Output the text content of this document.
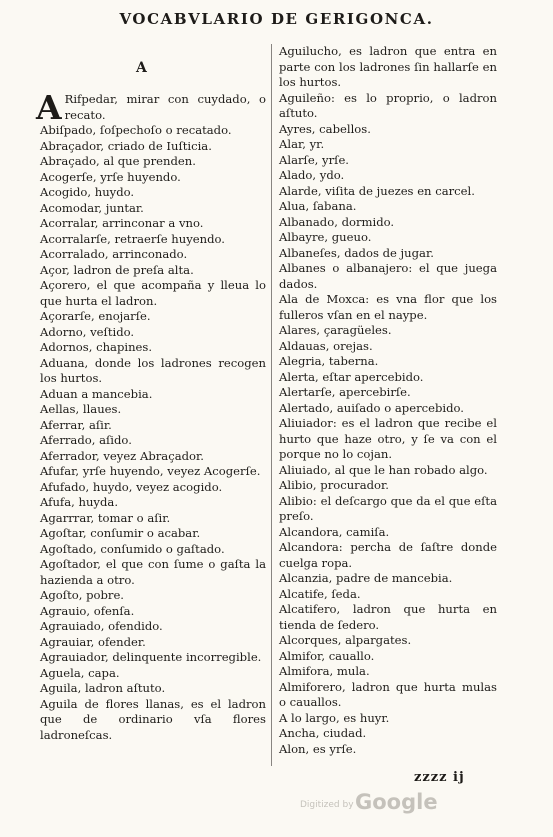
VOCABVLARIO DE GERIGONCA.
A
ARifpedar, mirar con cuydado, o recato.
Abiſpado, ſoſpechoſo o recatado.
Abraçador, criado de Iuſticia.
Abraçado, al que prenden.
Acogerſe, yrſe huyendo.
Acogido, huydo.
Acomodar, juntar.
Acorralar, arrinconar a vno.
Acorralarſe, retraerſe huyendo.
Acorralado, arrinconado.
Açor, ladron de preſa alta.
Açorero, el que acompaña y lleua lo que hurta el ladron.
Açorarſe, enojarſe.
Adorno, veſtido.
Adornos, chapines.
Aduana, donde los ladrones recogen los hurtos.
Aduan a mancebia.
Aellas, llaues.
Aferrar, aſir.
Aferrado, aſido.
Aferrador, veyez Abraçador.
Afufar, yrſe huyendo, veyez Acogerſe.
Afufado, huydo, veyez acogido.
Afufa, huyda.
Agarrrar, tomar o aſir.
Agoſtar, conſumir o acabar.
Agoſtado, conſumido o gaſtado.
Agoſtador, el que con ſume o gaſta la hazienda a otro.
Agoſto, pobre.
Agrauio, ofenſa.
Agrauiado, ofendido.
Agrauiar, ofender.
Agrauiador, delinquente incorregible.
Aguela, capa.
Aguila, ladron aſtuto.
Aguila de flores llanas, es el ladron que de ordinario vſa flores ladroneſcas.
Aguilucho, es ladron que entra en parte con los ladrones ſin hallarſe en los hurtos.
Aguileño: es lo proprio, o ladron aſtuto.
Ayres, cabellos.
Alar, yr.
Alarſe, yrſe.
Alado, ydo.
Alarde, viſita de juezes en carcel.
Alua, ſabana.
Albanado, dormido.
Albayre, gueuo.
Albaneſes, dados de jugar.
Albanes o albanajero: el que juega dados.
Ala de Moxca: es vna flor que los fulleros vſan en el naype.
Alares, çaragüeles.
Aldauas, orejas.
Alegria, taberna.
Alerta, eſtar apercebido.
Alertarſe, apercebirſe.
Alertado, auiſado o apercebido.
Aliuiador: es el ladron que recibe el hurto que haze otro, y ſe va con el porque no lo cojan.
Aliuiado, al que le han robado algo.
Alibio, procurador.
Alibio: el deſcargo que da el que eſta preſo.
Alcandora, camiſa.
Alcandora: percha de ſaſtre donde cuelga ropa.
Alcanzia, padre de mancebia.
Alcatife, ſeda.
Alcatifero, ladron que hurta en tienda de ſedero.
Alcorques, alpargates.
Almifor, cauallo.
Almifora, mula.
Almiforero, ladron que hurta mulas o cauallos.
A lo largo, es huyr.
Ancha, ciudad.
Alon, es yrſe.
zzzz ij
Digitized by Google
